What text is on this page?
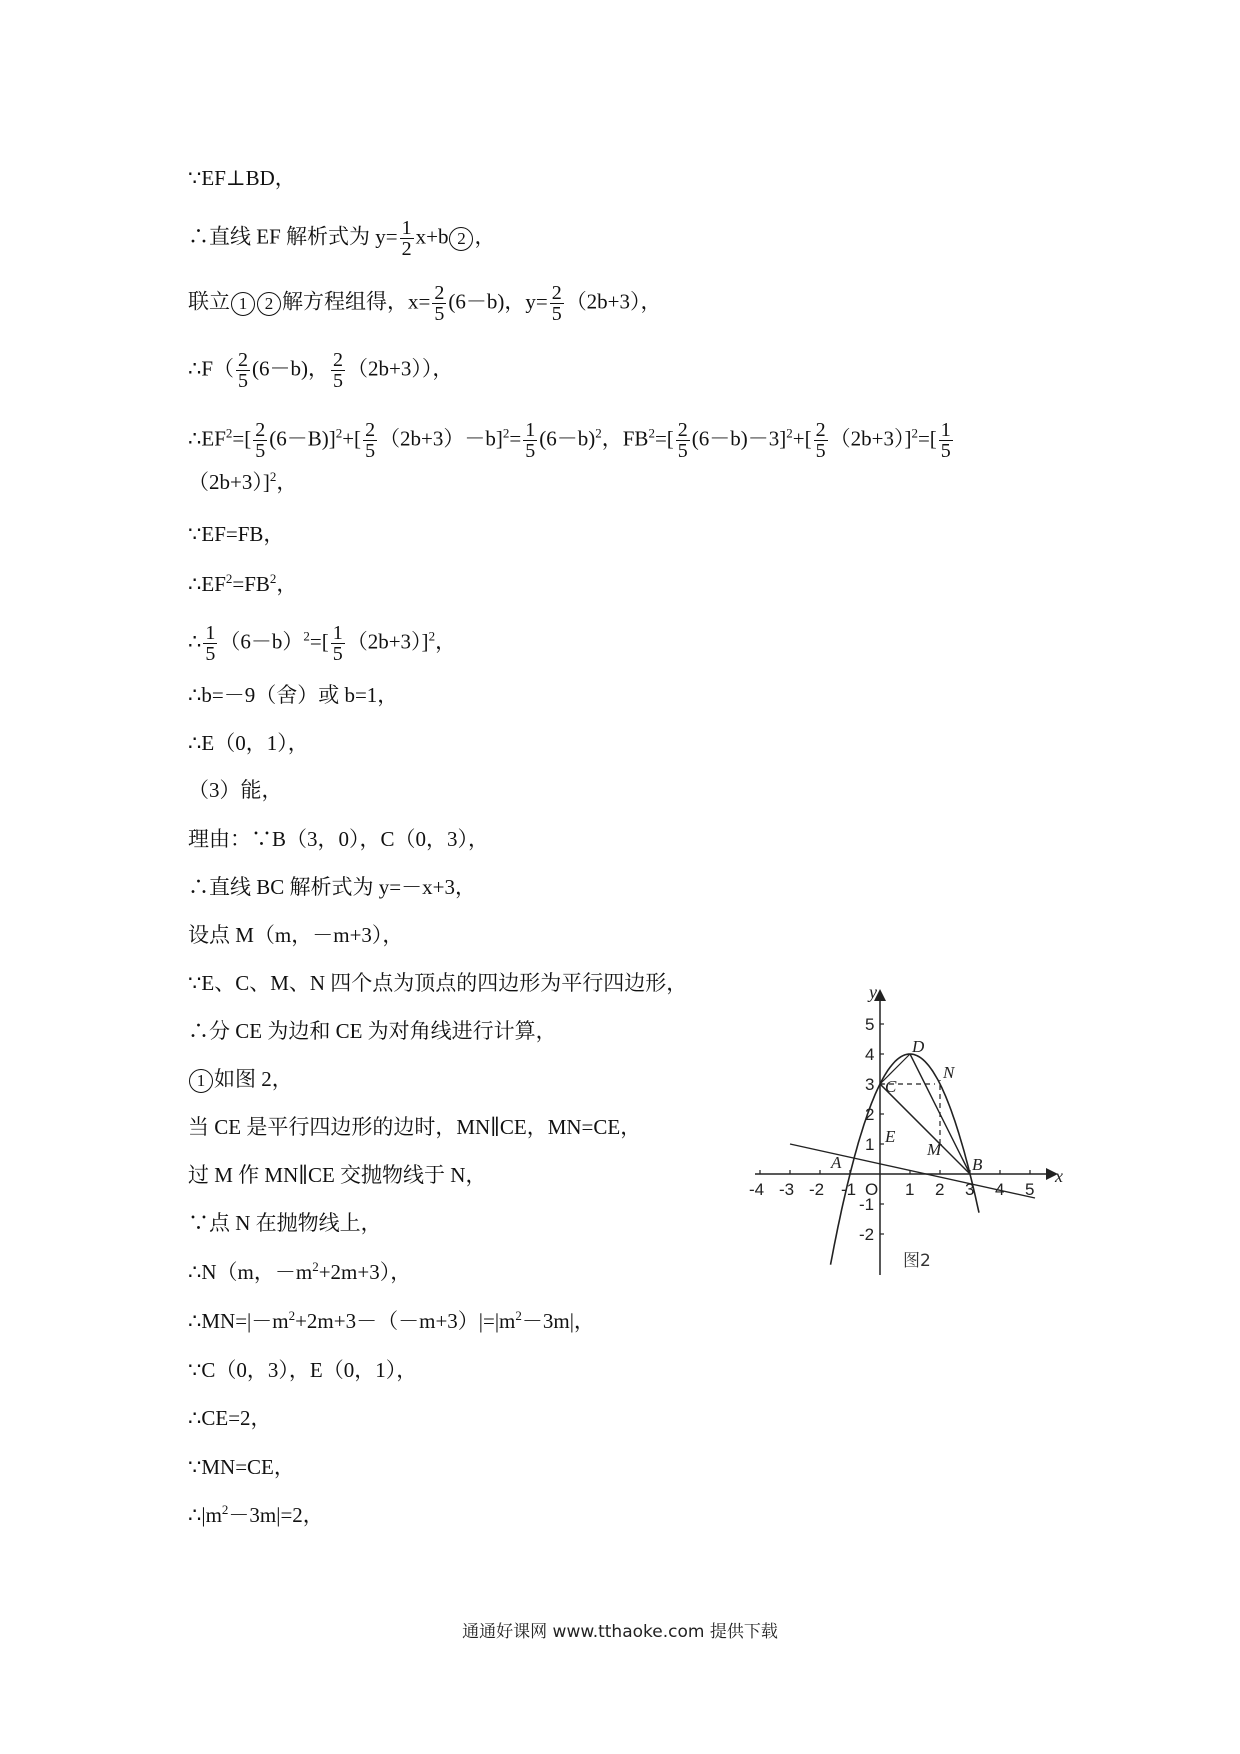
∵EF⊥BD，
∴直线 EF 解析式为 $y= \frac{1}{2} x+b$ 2 ，
联立 1 2 解方程组得，$x= \frac{2}{5} (6-b)$，$y= \frac{2}{5} (2b+3)$，
∴F（ $\frac{2}{5} (6-b)$， $\frac{2}{5} (2b+3)$），
$\therefore EF^2=[ \frac{2}{5} (6-B)]^2+[ \frac{2}{5} (2b+3)-b]^2= \frac{1}{5} (6-b)^2$，$FB^2=[ \frac{2}{5} (6-b)-3]^2+[ \frac{2}{5} (2b+3)]^2=[ \frac{1}{5}$
（2b+3）]$^2$，
∵EF=FB，
$\therefore EF^2=FB^2$，
∴ $\frac{1}{5} (6-b)^2=[ \frac{1}{5} (2b+3)]^2$，
∴b=－9（舍）或 b=1，
∴E（0，1），
（3）能，
理由：∵B（3，0），C（0，3），
∴直线 BC 解析式为 y=－x+3，
设点 M（m，－m+3），
∵E、C、M、N 四个点为顶点的四边形为平行四边形，
∴分 CE 为边和 CE 为对角线进行计算，
1 如图 2，
当 CE 是平行四边形的边时，MN∥CE，MN=CE，
过 M 作 MN∥CE 交抛物线于 N，
∵点 N 在抛物线上，
∴N（m，$-m^2+2m+3$），
$\therefore MN=|-m^2+2m+3-(-m+3)|=|m^2-3m|$，
∵C（0，3），E（0，1），
∴CE=2，
∵MN=CE，
$\therefore|m^2-3m|=2$，
-4 -3 -2 -1 O 1 2 3 4 5
5
4
3
2
1
-1
-2
x
y
A	B
C
D
E
M
N
图2
通通好课网 www.tthaoke.com 提供下载
